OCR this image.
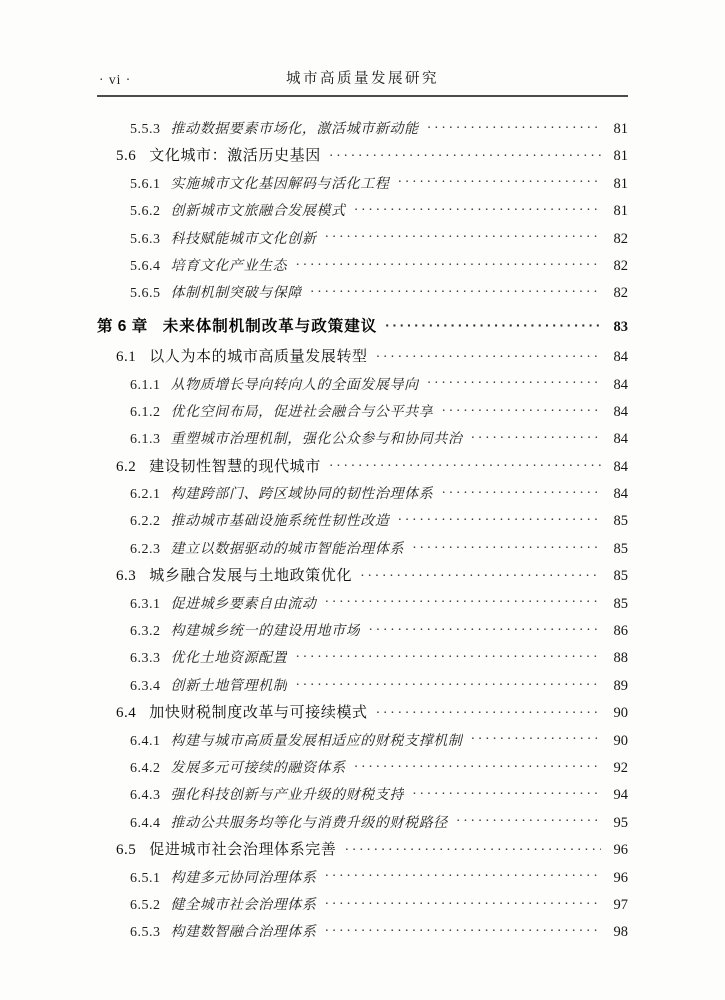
· vi ·	城市高质量发展研究
5.5.3 推动数据要素市场化，激活城市新动能 ·····	81
5.6 文化城市：激活历史基因 ·····	81
5.6.1 实施城市文化基因解码与活化工程 ·····	81
5.6.2 创新城市文旅融合发展模式 ·····	81
5.6.3 科技赋能城市文化创新 ·····	82
5.6.4 培育文化产业生态 ·····	82
5.6.5 体制机制突破与保障 ·····	82
第 6 章 未来体制机制改革与政策建议 ·····	83
6.1 以人为本的城市高质量发展转型 ·····	84
6.1.1 从物质增长导向转向人的全面发展导向 ·····	84
6.1.2 优化空间布局，促进社会融合与公平共享 ·····	84
6.1.3 重塑城市治理机制，强化公众参与和协同共治 ·····	84
6.2 建设韧性智慧的现代城市 ·····	84
6.2.1 构建跨部门、跨区域协同的韧性治理体系 ·····	84
6.2.2 推动城市基础设施系统性韧性改造 ·····	85
6.2.3 建立以数据驱动的城市智能治理体系 ·····	85
6.3 城乡融合发展与土地政策优化 ·····	85
6.3.1 促进城乡要素自由流动 ·····	85
6.3.2 构建城乡统一的建设用地市场 ·····	86
6.3.3 优化土地资源配置 ·····	88
6.3.4 创新土地管理机制 ·····	89
6.4 加快财税制度改革与可接续模式 ·····	90
6.4.1 构建与城市高质量发展相适应的财税支撑机制 ·····	90
6.4.2 发展多元可接续的融资体系 ·····	92
6.4.3 强化科技创新与产业升级的财税支持 ·····	94
6.4.4 推动公共服务均等化与消费升级的财税路径 ·····	95
6.5 促进城市社会治理体系完善 ·····	96
6.5.1 构建多元协同治理体系 ·····	96
6.5.2 健全城市社会治理体系 ·····	97
6.5.3 构建数智融合治理体系 ·····	98
